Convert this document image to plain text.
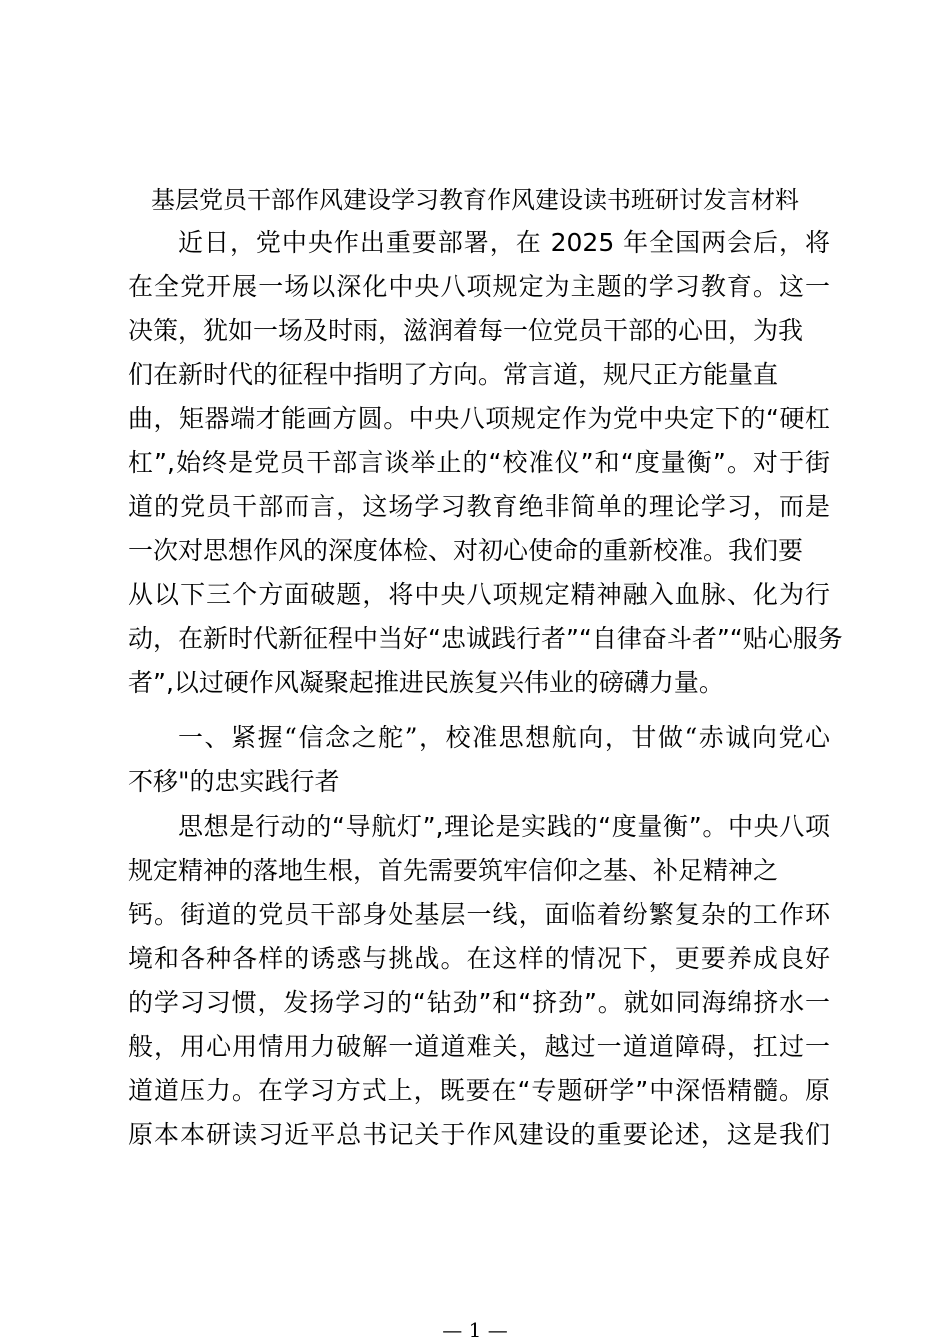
基层党员干部作风建设学习教育作风建设读书班研讨发言材料
近日，党中央作出重要部署，在 2025 年全国两会后，将
在全党开展一场以深化中央八项规定为主题的学习教育。这一
决策，犹如一场及时雨，滋润着每一位党员干部的心田，为我
们在新时代的征程中指明了方向。常言道，规尺正方能量直
曲，矩器端才能画方圆。中央八项规定作为党中央定下的“硬杠
杠”,始终是党员干部言谈举止的“校准仪”和“度量衡”。对于街
道的党员干部而言，这场学习教育绝非简单的理论学习，而是
一次对思想作风的深度体检、对初心使命的重新校准。我们要
从以下三个方面破题，将中央八项规定精神融入血脉、化为行
动，在新时代新征程中当好“忠诚践行者”“自律奋斗者”“贴心服务
者”,以过硬作风凝聚起推进民族复兴伟业的磅礴力量。
一、紧握“信念之舵”，校准思想航向，甘做“赤诚向党心
不移"的忠实践行者
思想是行动的“导航灯”,理论是实践的“度量衡”。中央八项
规定精神的落地生根，首先需要筑牢信仰之基、补足精神之
钙。街道的党员干部身处基层一线，面临着纷繁复杂的工作环
境和各种各样的诱惑与挑战。在这样的情况下，更要养成良好
的学习习惯，发扬学习的“钻劲”和“挤劲”。就如同海绵挤水一
般，用心用情用力破解一道道难关，越过一道道障碍，扛过一
道道压力。在学习方式上，既要在“专题研学”中深悟精髓。原
原本本研读习近平总书记关于作风建设的重要论述，这是我们
— 1 —
